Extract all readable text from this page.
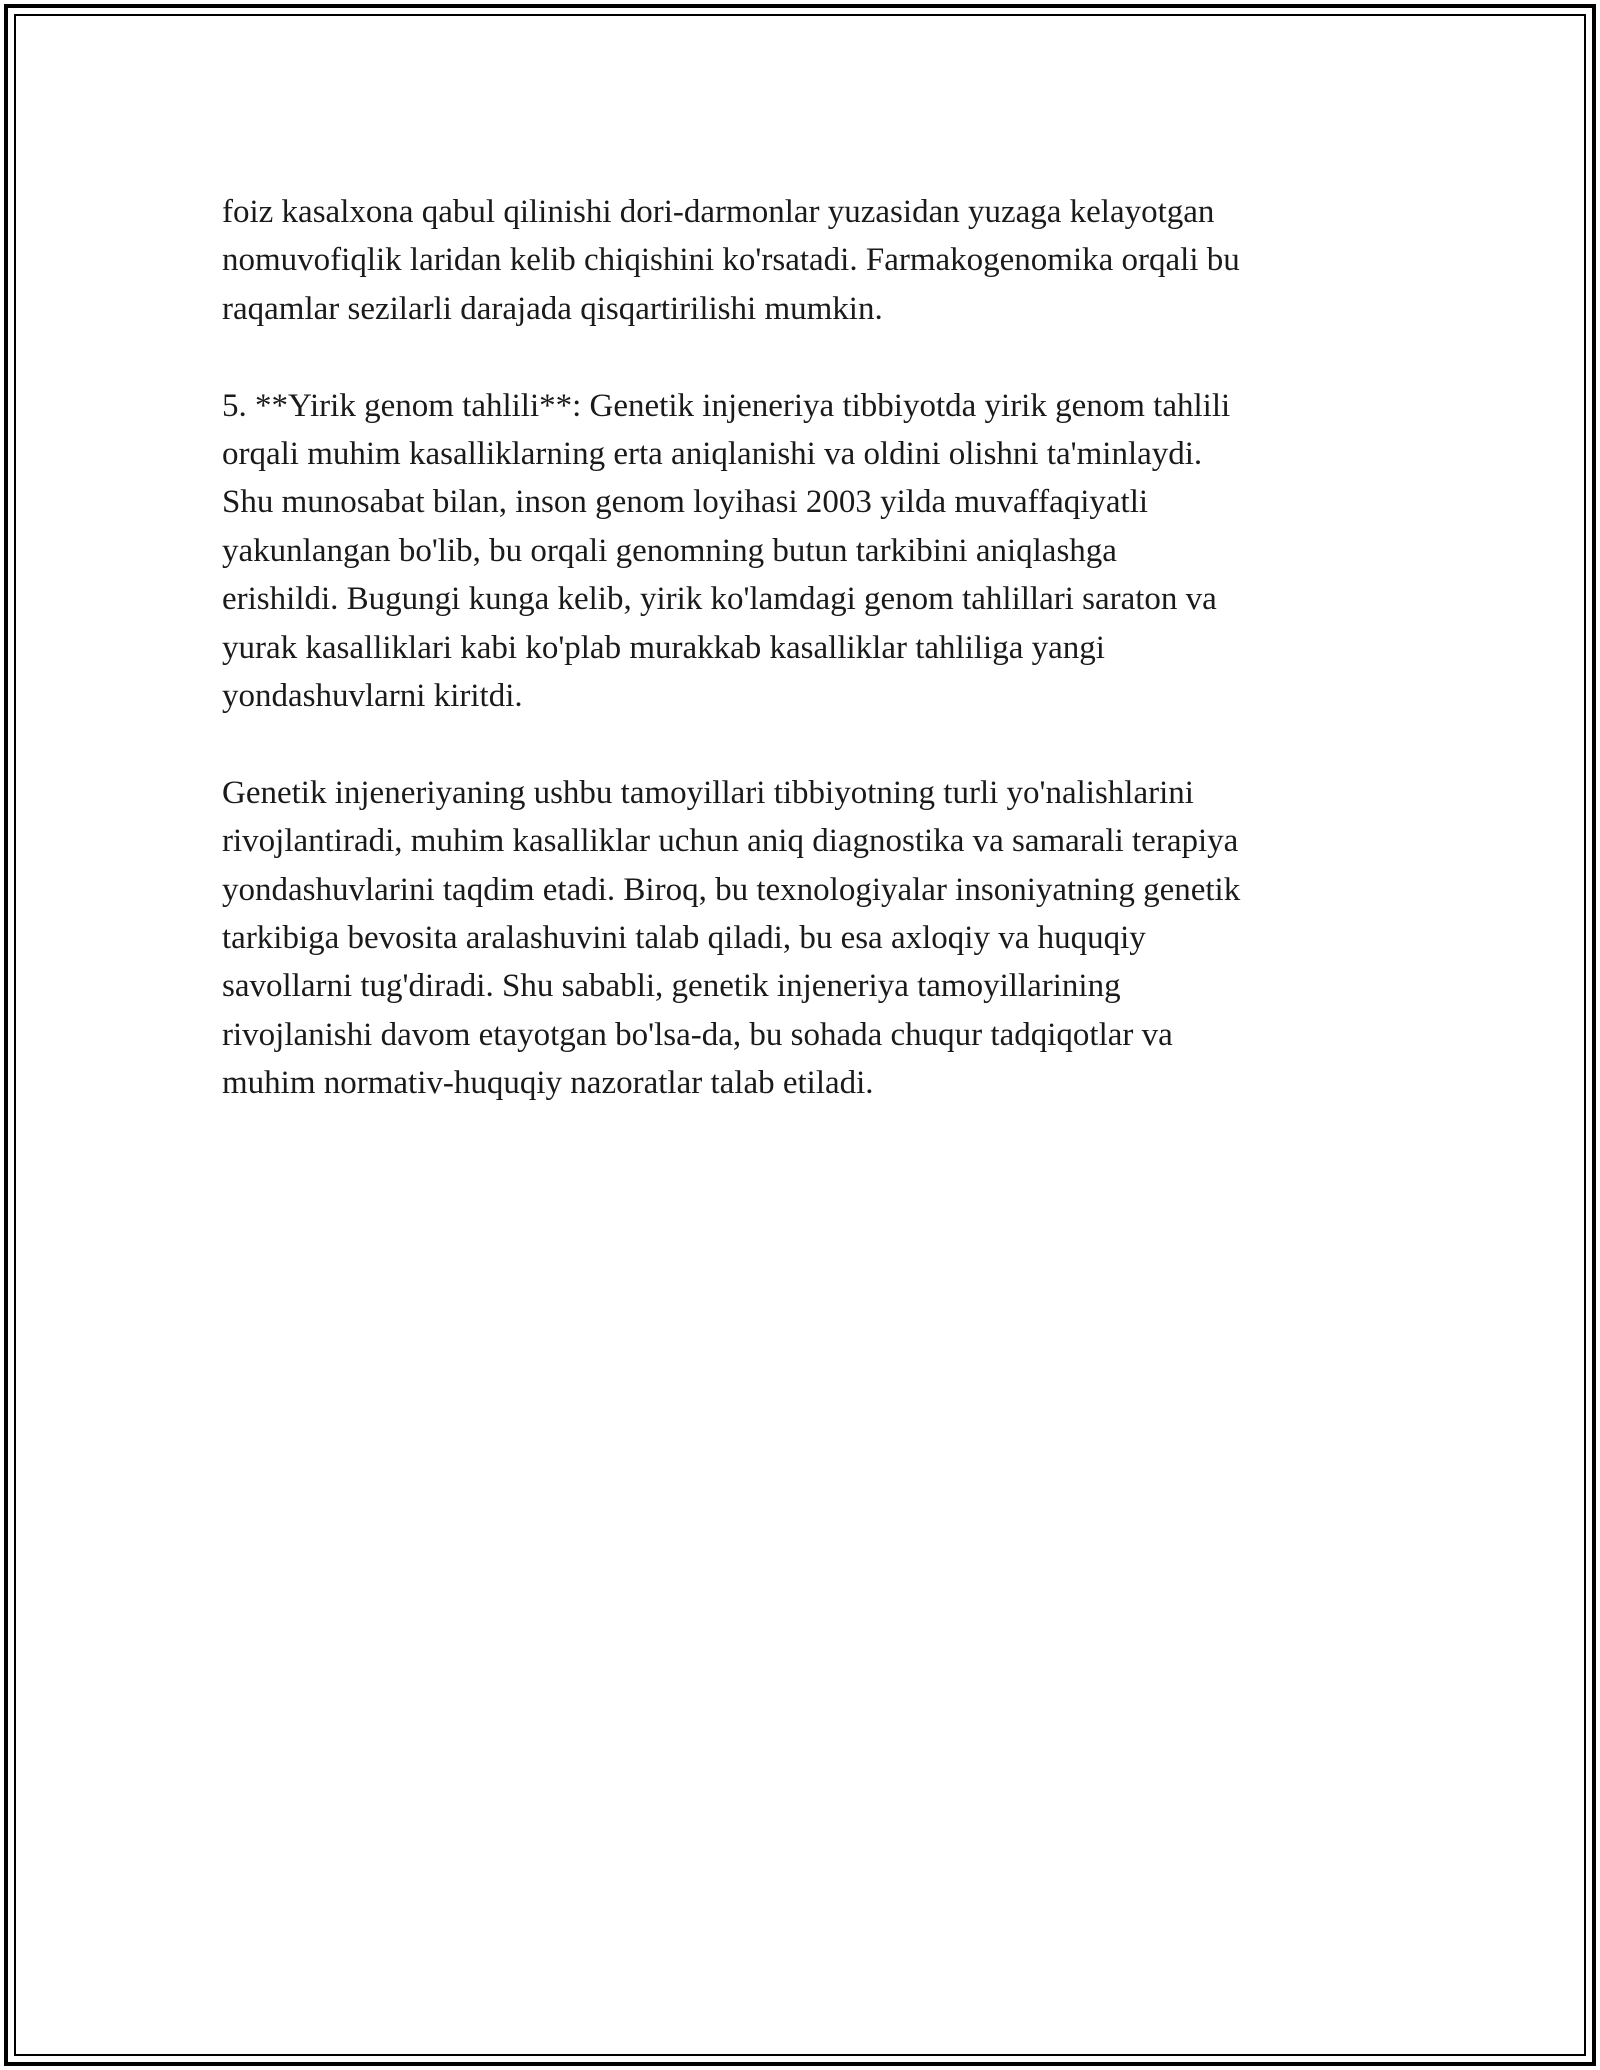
foiz kasalxona qabul qilinishi dori-darmonlar yuzasidan yuzaga kelayotgan
nomuvofiqlik laridan kelib chiqishini ko'rsatadi. Farmakogenomika orqali bu
raqamlar sezilarli darajada qisqartirilishi mumkin.

5. **Yirik genom tahlili**: Genetik injeneriya tibbiyotda yirik genom tahlili
orqali muhim kasalliklarning erta aniqlanishi va oldini olishni ta'minlaydi.
Shu munosabat bilan, inson genom loyihasi 2003 yilda muvaffaqiyatli
yakunlangan bo'lib, bu orqali genomning butun tarkibini aniqlashga
erishildi. Bugungi kunga kelib, yirik ko'lamdagi genom tahlillari saraton va
yurak kasalliklari kabi ko'plab murakkab kasalliklar tahliliga yangi
yondashuvlarni kiritdi.

Genetik injeneriyaning ushbu tamoyillari tibbiyotning turli yo'nalishlarini
rivojlantiradi, muhim kasalliklar uchun aniq diagnostika va samarali terapiya
yondashuvlarini taqdim etadi. Biroq, bu texnologiyalar insoniyatning genetik
tarkibiga bevosita aralashuvini talab qiladi, bu esa axloqiy va huquqiy
savollarni tug'diradi. Shu sababli, genetik injeneriya tamoyillarining
rivojlanishi davom etayotgan bo'lsa-da, bu sohada chuqur tadqiqotlar va
muhim normativ-huquqiy nazoratlar talab etiladi.
